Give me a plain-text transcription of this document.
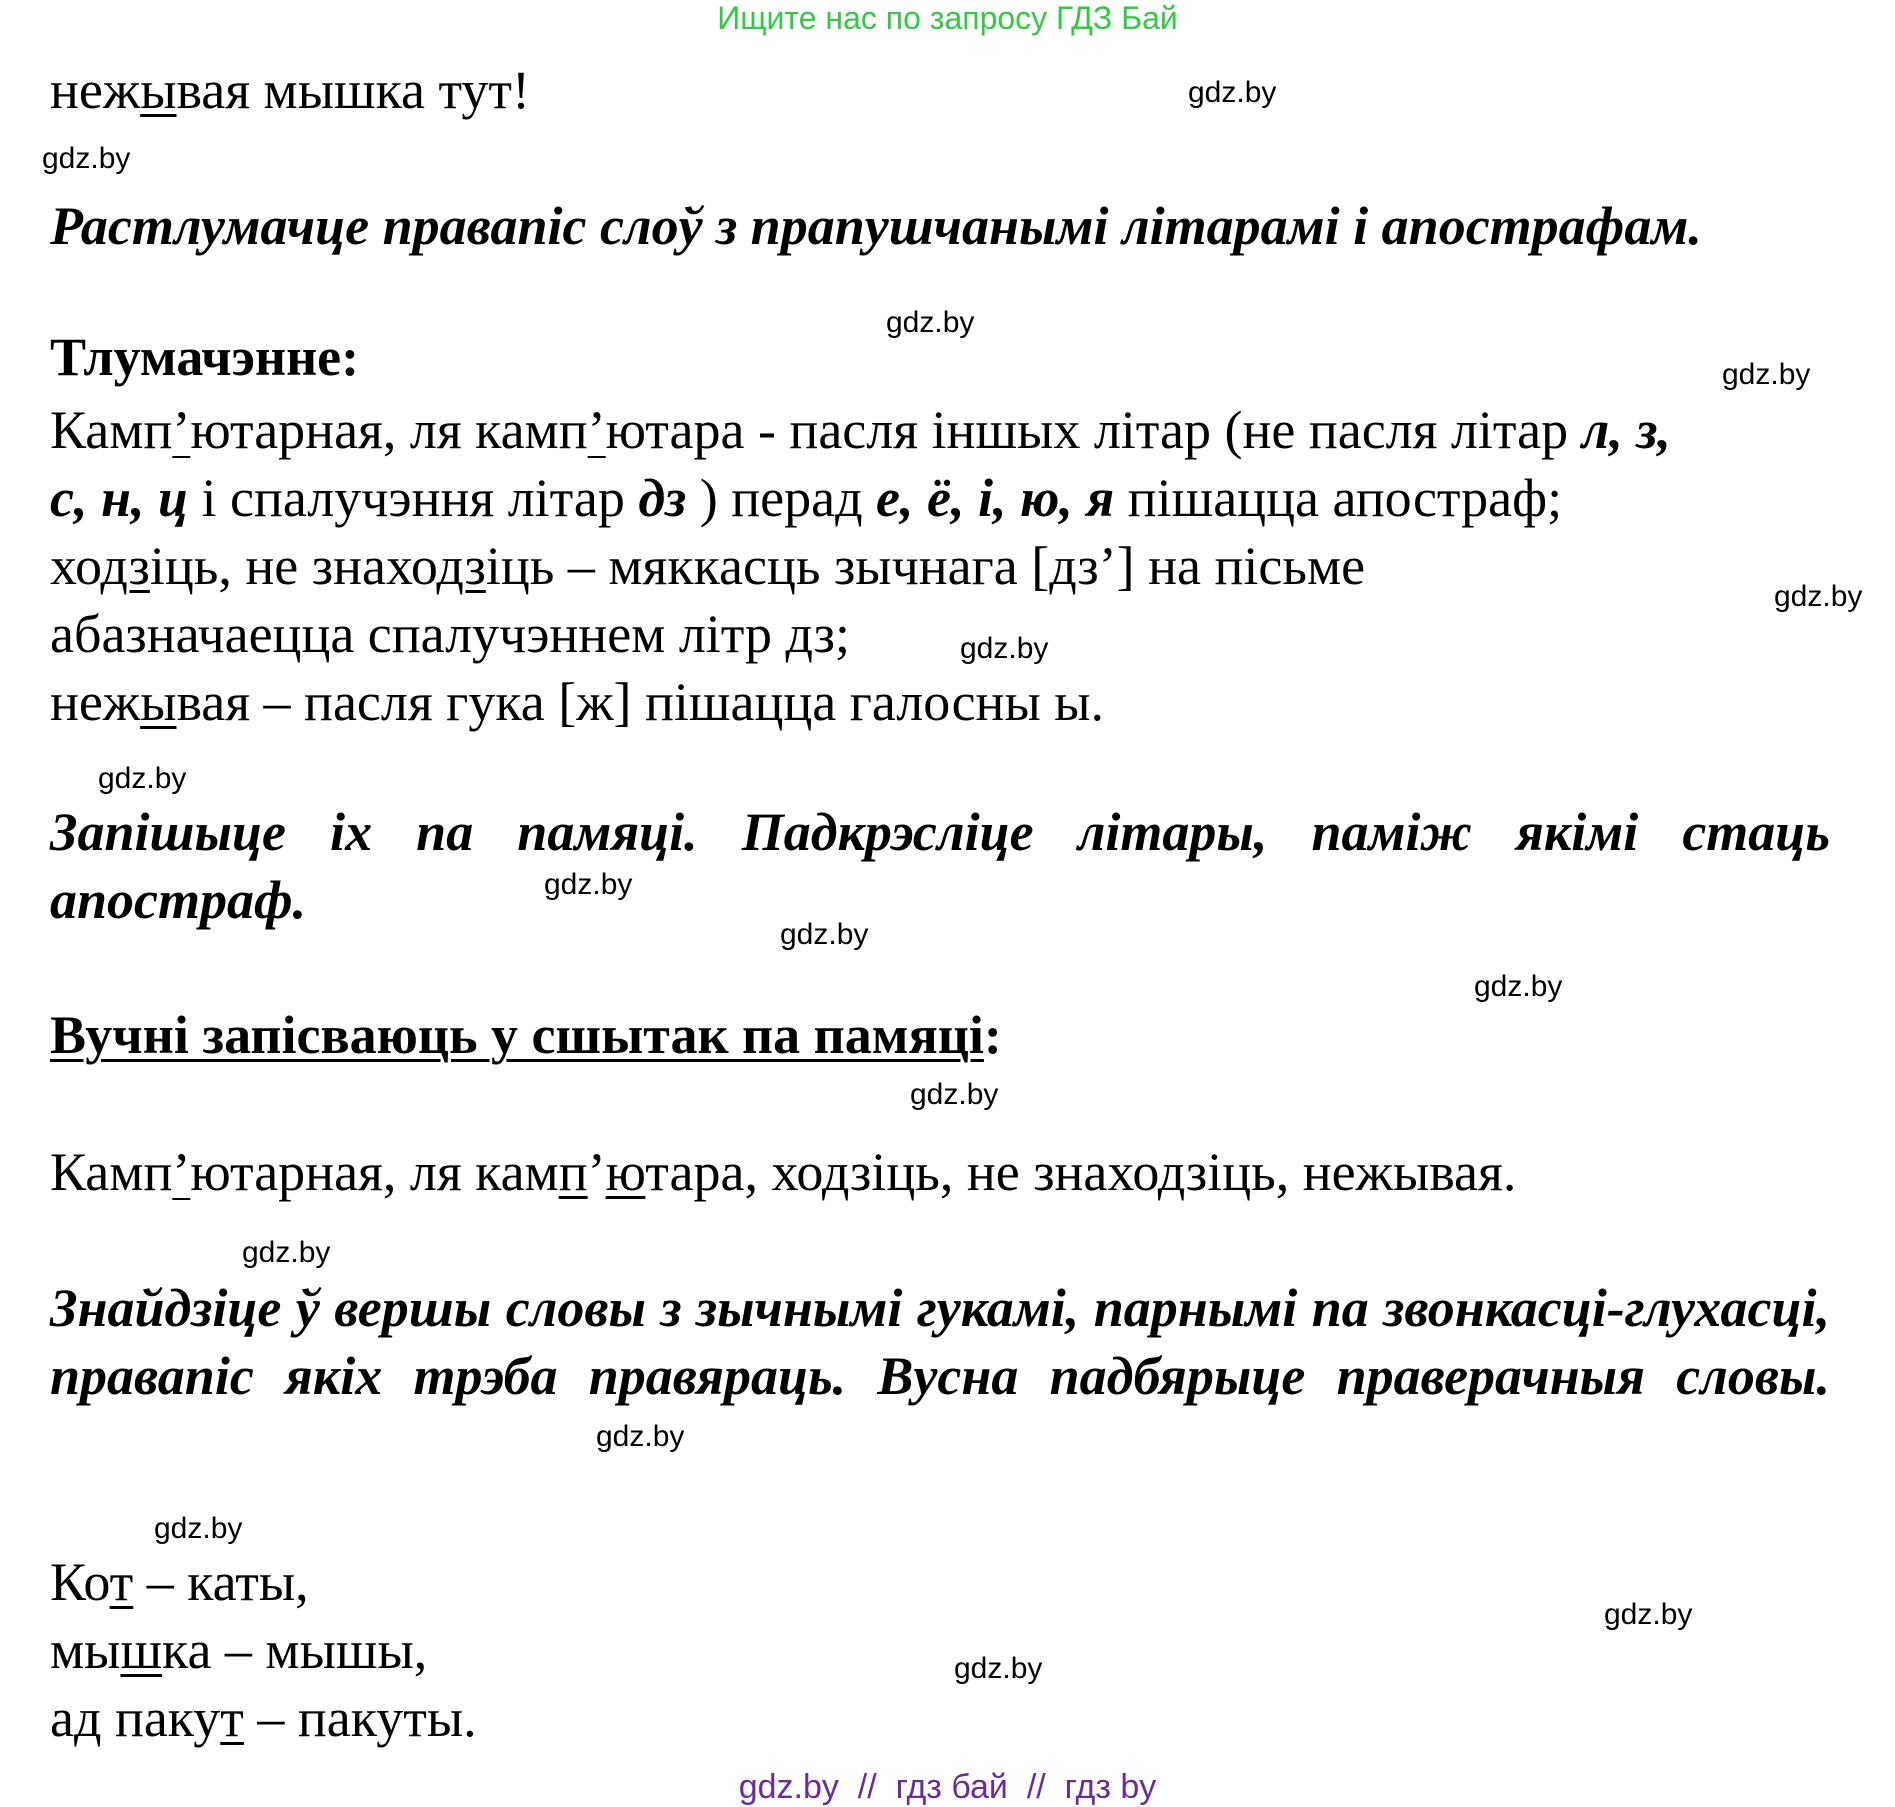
Ищите нас по запросу ГДЗ Бай
gdz.by
gdz.by
gdz.by
gdz.by
gdz.by
gdz.by
gdz.by
gdz.by
gdz.by
gdz.by
gdz.by
gdz.by
gdz.by
gdz.by
gdz.by
gdz.by
нежывая мышка тут!
Растлумачце правапіс слоў з прапушчанымі літарамі і апострафам.
Тлумачэнне:
Камп’ютарная, ля камп’ютара - пасля іншых літар (не пасля літар л, з,
с, н, ц і спалучэння літар дз ) перад е, ё, і, ю, я пішацца апостраф;
ходзіць, не знаходзіць – мяккасць зычнага [дз’] на пісьме
абазначаецца спалучэннем літр дз;
нежывая – пасля гука [ж] пішацца галосны ы.
Запішыце іх па памяці. Падкрэсліце літары, паміж якімі стаць апостраф.
Вучні запісваюць у сшытак па памяці:
Камп’ютарная, ля камп’ютара, ходзіць, не знаходзіць, нежывая.
Знайдзіце ў вершы словы з зычнымі гукамі, парнымі па звонкасці-глухасці, правапіс якіх трэба правяраць. Вусна падбярыце праверачныя словы.
Кот – каты,
мышка – мышы,
ад пакут – пакуты.
gdz.by  //  гдз бай  //  гдз by
